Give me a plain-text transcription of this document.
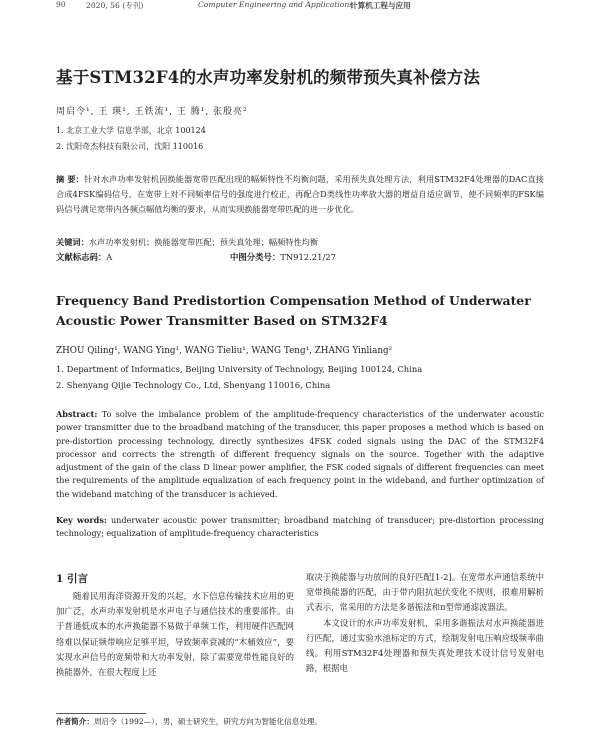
90	2020, 56 (专刊)	Computer Engineering and Applications
计算机工程与应用
基于STM32F4的水声功率发射机的频带预失真补偿方法
周启令¹, 王 瑛¹, 王铁流¹, 王 腾¹, 张殷亮²
1. 北京工业大学 信息学部，北京 100124
2. 沈阳奇杰科技有限公司，沈阳 110016
摘 要：针对水声功率发射机因换能器宽带匹配出现的幅频特性不均衡问题，采用预失真处理方法，利用STM32F4处理器的DAC直接合成4FSK编码信号，在宽带上对不同频率信号的强度进行校正，再配合D类线性功率放大器的增益自适应调节，使不同频率的FSK编码信号满足宽带内各频点幅值均衡的要求，从而实现换能器宽带匹配的进一步优化。
关键词：水声功率发射机；换能器宽带匹配；预失真处理；幅频特性均衡
文献标志码：A	中图分类号：TN912.21/27
Frequency Band Predistortion Compensation Method of Underwater Acoustic Power Transmitter Based on STM32F4
ZHOU Qiling¹, WANG Ying¹, WANG Tieliu¹, WANG Teng¹, ZHANG Yinliang²
1. Department of Informatics, Beijing University of Technology, Beijing 100124, China
2. Shenyang Qijie Technology Co., Ltd, Shenyang 110016, China
Abstract: To solve the imbalance problem of the amplitude-frequency characteristics of the underwater acoustic power transmitter due to the broadband matching of the transducer, this paper proposes a method which is based on pre-distortion processing technology, directly synthesizes 4FSK coded signals using the DAC of the STM32F4 processor and corrects the strength of different frequency signals on the source. Together with the adaptive adjustment of the gain of the class D linear power amplifier, the FSK coded signals of different frequencies can meet the requirements of the amplitude equalization of each frequency point in the wideband, and further optimization of the wideband matching of the transducer is achieved.
Key words: underwater acoustic power transmitter; broadband matching of transducer; pre-distortion processing technology; equalization of amplitude-frequency characteristics
1 引言
随着民用海洋资源开发的兴起，水下信息传输技术应用的更加广泛，水声功率发射机是水声电子与通信技术的重要部件。由于普通低成本的水声换能器不易做于单频工作，利用硬件匹配网络难以保证频带响应足够平坦，导致频率衰减的“木桶效应”，要实现水声信号的宽频带和大功率发射，除了需要宽带性能良好的换能器外，在很大程度上还

取决于换能器与功放间的良好匹配[1-2]。在宽带水声通信系统中宽带换能器的匹配，由于带内阻抗起伏变化不规则，很难用解析式表示，常采用的方法是多谐振法和π型带通滤波器法。

本文设计的水声功率发射机，采用多谐振法对水声换能器进行匹配，通过实验水池标定的方式，绘制发射电压响应级频率曲线。利用STM32F4处理器和预失真处理技术设计信号发射电路，根据电

作者简介：周启令（1992—），男，硕士研究生，研究方向为智能化信息处理。
